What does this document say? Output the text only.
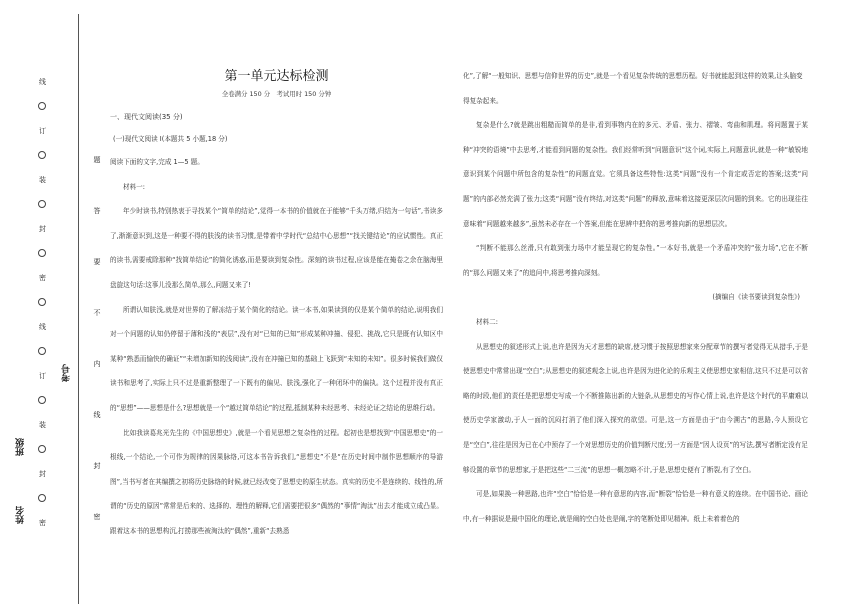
线
订
装
封
密
线
订
装
封
密
题
答
要
不
内
线
封
密
考号
班级
姓名
第一单元达标检测
全卷满分 150 分　考试用时 150 分钟
一、现代文阅读(35 分)
(一)现代文阅读 Ⅰ(本题共 5 小题,18 分)
阅读下面的文字,完成 1—5 题。
材料一:

年少时读书,特别热衷于寻找某个“简单的结论”,觉得一本书的价值就在于能够“千头万绪,归结为一句话”,书读多了,渐渐意识到,这是一种要不得的肤浅的读书习惯,是带着中学时代“总结中心思想”“找关键结论”的应试惯性。真正的读书,需要戒除那种“找简单结论”的简化诱惑,而是要读到复杂性。深刻的读书过程,应该是能在掩卷之余在脑海里盘旋这句话:这事儿没那么简单,那么,问题又来了!

所谓认知肤浅,就是对世界的了解冻结于某个简化的结论。读一本书,如果读到的仅是某个简单的结论,说明我们对一个问题的认知仍停留于薄和浅的“表层”,没有对“已知的已知”形成某种冲撞、侵犯、挑战,它只是既有认知区中某种“熟悉而愉快的确证”“未增加新知的浅阅读”,没有在冲撞已知的基础上飞跃到“未知的未知”。很多时候我们做仅读书和思考了,实际上只不过是重新整理了一下既有的偏见、肤浅,强化了一种闭环中的偏执。这个过程并没有真正的“思想”——思想是什么?思想就是一个“越过简单结论”的过程,抵制某种未经思考、未经论证之结论的思维行动。

比如我读葛兆光先生的《中国思想史》,就是一个看见思想之复杂性的过程。起初也是想找到“中国思想史”的一根线,一个结论,一个可作为规律的因果脉络,可这本书告诉我们,“思想史”不是“在历史时间中制作思想顺序的导游图”,当书写者在其编撰之初将历史脉络的时候,就已经改变了思想史的原生状态。真实的历史不是连续的、线性的,所谓的“历史的原因”常常是后来的、选择的、理性的解释,它们需要把很多“偶然的”事情“淘汰”出去才能成立成凸显。跟着这本书的思想构沉,打捞那些被淘汰的“偶然”,重新“去熟悉

化”,了解“一般知识、思想与信仰世界的历史”,就是一个看见复杂传统的思想历程。好书就能起到这样的效果,让头脑变得复杂起来。

复杂是什么?就是跳出粗糙而简单的是非,看到事物内在的多元、矛盾、张力、褶皱、弯曲和肌理。将问题置于某种“冲突的语境”中去思考,才能看到问题的复杂性。我们经常听到“问题意识”这个词,实际上,问题意识,就是一种“敏锐地意识到某个问题中所包含的复杂性”的问题直觉。它须具备这些特性:这类“问题”没有一个肯定或否定的答案;这类“问题”的内部必然充满了张力;这类“问题”没有终结,对这类“问题”的释放,意味着这接更深层次问题的到来。它的出现往往意味着“问题越来越多”,虽然未必存在一个答案,但能在思辨中把你的思考推向新的思想层次。

“判断不能那么丝滑,只有敢到张力场中才能呈现它的复杂性。”一本好书,就是一个矛盾冲突的“张力场”,它在不断的“那么问题又来了”的追问中,将思考推向深刻。

(摘编自《读书要读到复杂性》)
材料二:

从思想史的叙述形式上说,也许是因为天才思想的缺席,使习惯于按照思想家来分配章节的撰写者觉得无从措手,于是使思想史中常常出现“空白”;从思想史的叙述观念上说,也许是因为进化论的乐观主义使思想史家相信,这只不过是可以省略的时段,他们的责任是把思想史写成一个不断推陈出新的大链条,从思想史的写作心情上说,也许是这个时代的平庸难以使历史学家激动,于人一面的沉闷打消了他们深入探究的欲望。可是,这一方面是由于“由今溯古”的思路,今人预设它是“空白”,往往是因为已在心中预存了一个对思想历史的价值判断尺度;另一方面是“因人设页”的写法,撰写者断定没有足够设置的章节的思想家,于是把这些“二三流”的思想一概忽略不计,于是,思想史便有了断裂,有了空白。

可是,如果换一种思路,也许“空白”恰恰是一种有意思的内容,而“断裂”恰恰是一种有意义的连续。在中国书论、画论中,有一种据说是最中国化的理论,就是阐的空白处也是阐,字的笔断处即见精神。纸上未着着色的
